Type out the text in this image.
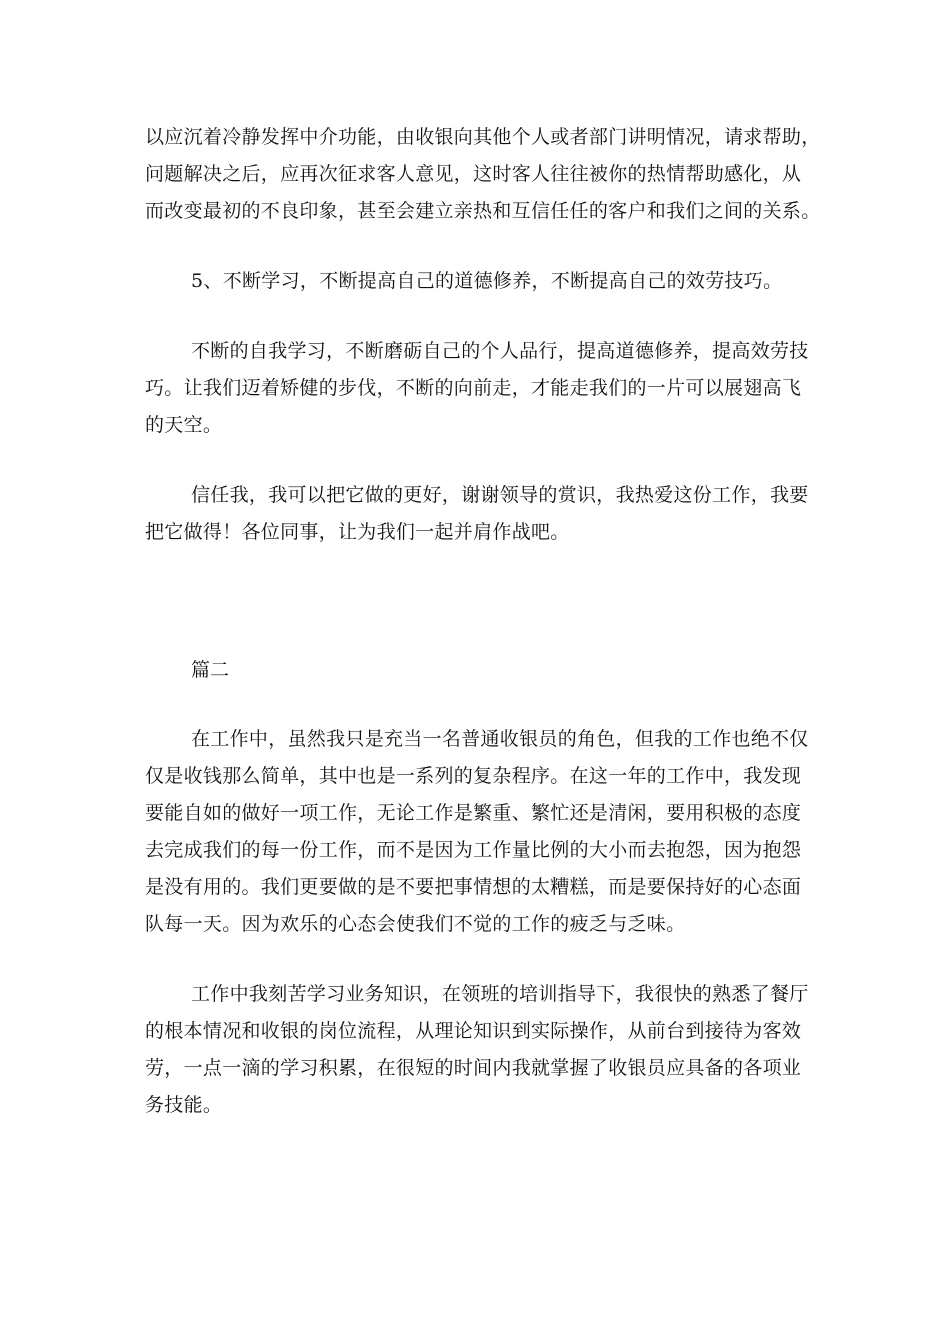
以应沉着冷静发挥中介功能，由收银向其他个人或者部门讲明情况，请求帮助，
问题解决之后，应再次征求客人意见，这时客人往往被你的热情帮助感化，从
而改变最初的不良印象，甚至会建立亲热和互信任任的客户和我们之间的关系。

5、不断学习，不断提高自己的道德修养，不断提高自己的效劳技巧。

不断的自我学习，不断磨砺自己的个人品行，提高道德修养，提高效劳技
巧。让我们迈着矫健的步伐，不断的向前走，才能走我们的一片可以展翅高飞
的天空。

信任我，我可以把它做的更好，谢谢领导的赏识，我热爱这份工作，我要
把它做得！各位同事，让为我们一起并肩作战吧。

篇二

在工作中，虽然我只是充当一名普通收银员的角色，但我的工作也绝不仅
仅是收钱那么简单，其中也是一系列的复杂程序。在这一年的工作中，我发现
要能自如的做好一项工作，无论工作是繁重、繁忙还是清闲，要用积极的态度
去完成我们的每一份工作，而不是因为工作量比例的大小而去抱怨，因为抱怨
是没有用的。我们更要做的是不要把事情想的太糟糕，而是要保持好的心态面
队每一天。因为欢乐的心态会使我们不觉的工作的疲乏与乏味。

工作中我刻苦学习业务知识，在领班的培训指导下，我很快的熟悉了餐厅
的根本情况和收银的岗位流程，从理论知识到实际操作，从前台到接待为客效
劳，一点一滴的学习积累，在很短的时间内我就掌握了收银员应具备的各项业
务技能。
